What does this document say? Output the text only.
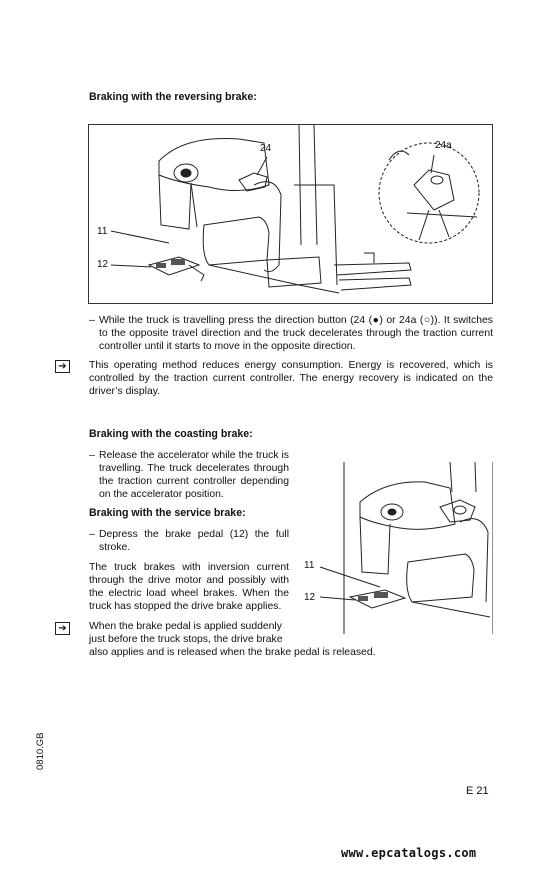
Braking with the reversing brake:
24	24a
11
12
– While the truck is travelling press the direction button (24 (●) or 24a (○)). It switches to the opposite travel direction and the truck decelerates through the traction current controller until it starts to move in the opposite direction.
➔	This operating method reduces energy consumption. Energy is recovered, which is controlled by the traction current controller. The energy recovery is indicated on the driver’s display.
Braking with the coasting brake:
– Release the accelerator while the truck is travelling. The truck decelerates through the traction current controller depending on the accelerator position.
Braking with the service brake:
– Depress the brake pedal (12) the full stroke.
The truck brakes with inversion current through the drive motor and possibly with the electric load wheel brakes. When the truck has stopped the drive brake applies.
➔	When the brake pedal is applied suddenly
just before the truck stops, the drive brake
also applies and is released when the brake pedal is released.
11
12
0810.GB
E 21
www.epcatalogs.com
